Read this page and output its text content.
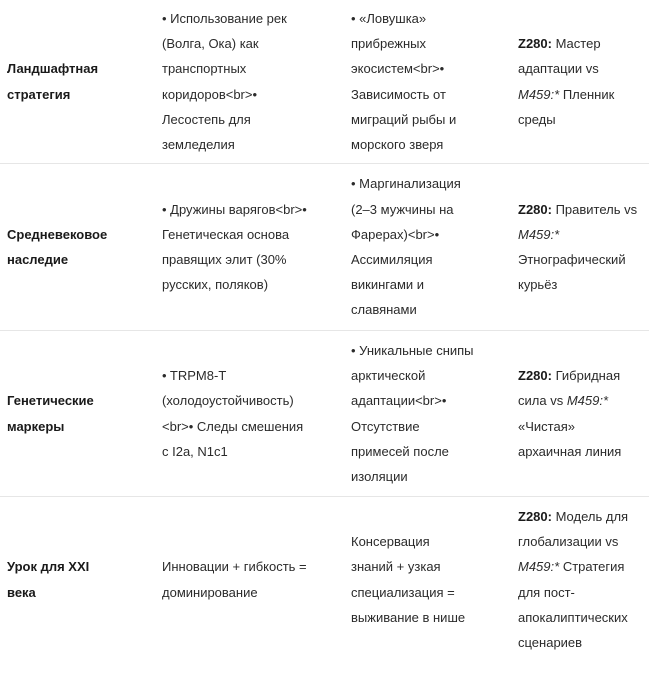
Ландшафтная
стратегия
• Использование рек
(Волга, Ока) как
транспортных
коридоров<br>•
Лесостепь для
земледелия
• «Ловушка»
прибрежных
экосистем<br>•
Зависимость от
миграций рыбы и
морского зверя
Z280: Мастер
адаптации vs
M459:* Пленник
среды
Средневековое
наследие
• Дружины варягов<br>•
Генетическая основа
правящих элит (30%
русских, поляков)
• Маргинализация
(2–3 мужчины на
Фарерах)<br>•
Ассимиляция
викингами и
славянами
Z280: Правитель vs
M459:*
Этнографический
курьёз
Генетические
маркеры
• TRPM8-T
(холодоустойчивость)
<br>• Следы смешения
с I2a, N1c1
• Уникальные снипы
арктической
адаптации<br>•
Отсутствие
примесей после
изоляции
Z280: Гибридная
сила vs M459:*
«Чистая»
архаичная линия
Урок для XXI
века
Инновации + гибкость =
доминирование
Консервация
знаний + узкая
специализация =
выживание в нише
Z280: Модель для
глобализации vs
M459:* Стратегия
для пост-
апокалиптических
сценариев
